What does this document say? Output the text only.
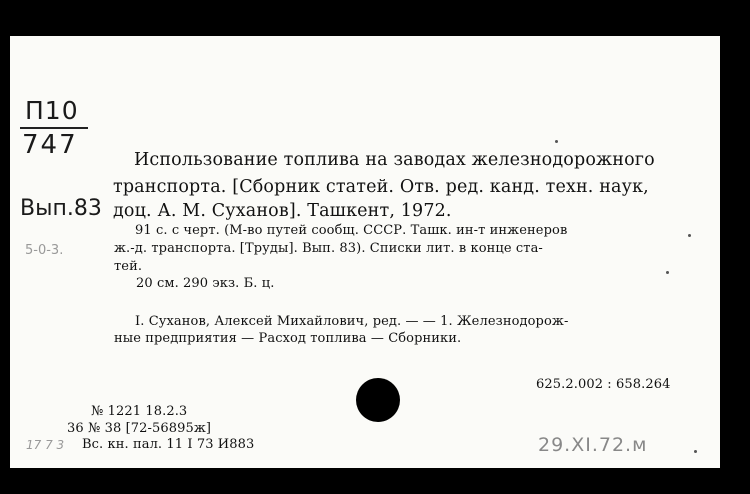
П10
747
Вып.83
5-0-3.
17 7 3
Использование топлива на заводах железнодорожного
транспорта. [Сборник статей. Отв. ред. канд. техн. наук,
доц. А. М. Суханов]. Ташкент, 1972.
91 с. с черт. (М-во путей сообщ. СССР. Ташк. ин-т инженеров
ж.-д. транспорта. [Труды]. Вып. 83). Списки лит. в конце ста-
тей.
20 см. 290 экз. Б. ц.
I. Суханов, Алексей Михайлович, ред. — — 1. Железнодорож-
ные предприятия — Расход топлива — Сборники.
625.2.002 : 658.264
№ 1221 18.2.3
36 № 38 [72-56895ж]
Вс. кн. пал. 11 I 73 И883	29.XI.72.м
